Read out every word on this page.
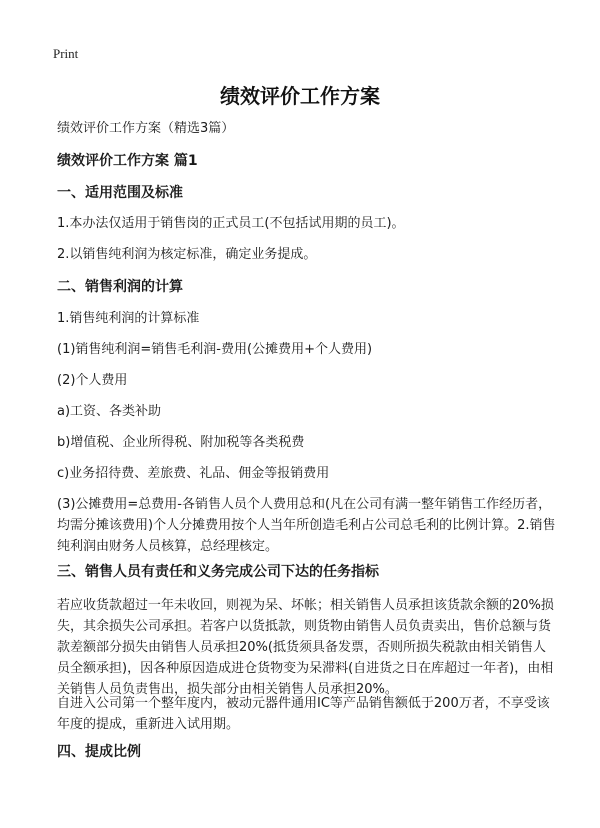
Print
绩效评价工作方案
绩效评价工作方案（精选3篇）
绩效评价工作方案 篇1
一、适用范围及标准
1.本办法仅适用于销售岗的正式员工(不包括试用期的员工)。
2.以销售纯利润为核定标准，确定业务提成。
二、销售利润的计算
1.销售纯利润的计算标准
(1)销售纯利润=销售毛利润-费用(公摊费用+个人费用)
(2)个人费用
a)工资、各类补助
b)增值税、企业所得税、附加税等各类税费
c)业务招待费、差旅费、礼品、佣金等报销费用
(3)公摊费用=总费用-各销售人员个人费用总和(凡在公司有满一整年销售工作经历者，均需分摊该费用)个人分摊费用按个人当年所创造毛利占公司总毛利的比例计算。2.销售纯利润由财务人员核算，总经理核定。
三、销售人员有责任和义务完成公司下达的任务指标
若应收货款超过一年未收回，则视为呆、坏帐；相关销售人员承担该货款余额的20%损失，其余损失公司承担。若客户以货抵款，则货物由销售人员负责卖出，售价总额与货款差额部分损失由销售人员承担20%(抵货须具备发票，否则所损失税款由相关销售人员全额承担)，因各种原因造成进仓货物变为呆滞料(自进货之日在库超过一年者)，由相关销售人员负责售出，损失部分由相关销售人员承担20%。
自进入公司第一个整年度内，被动元器件通用IC等产品销售额低于200万者，不享受该年度的提成，重新进入试用期。
四、提成比例
